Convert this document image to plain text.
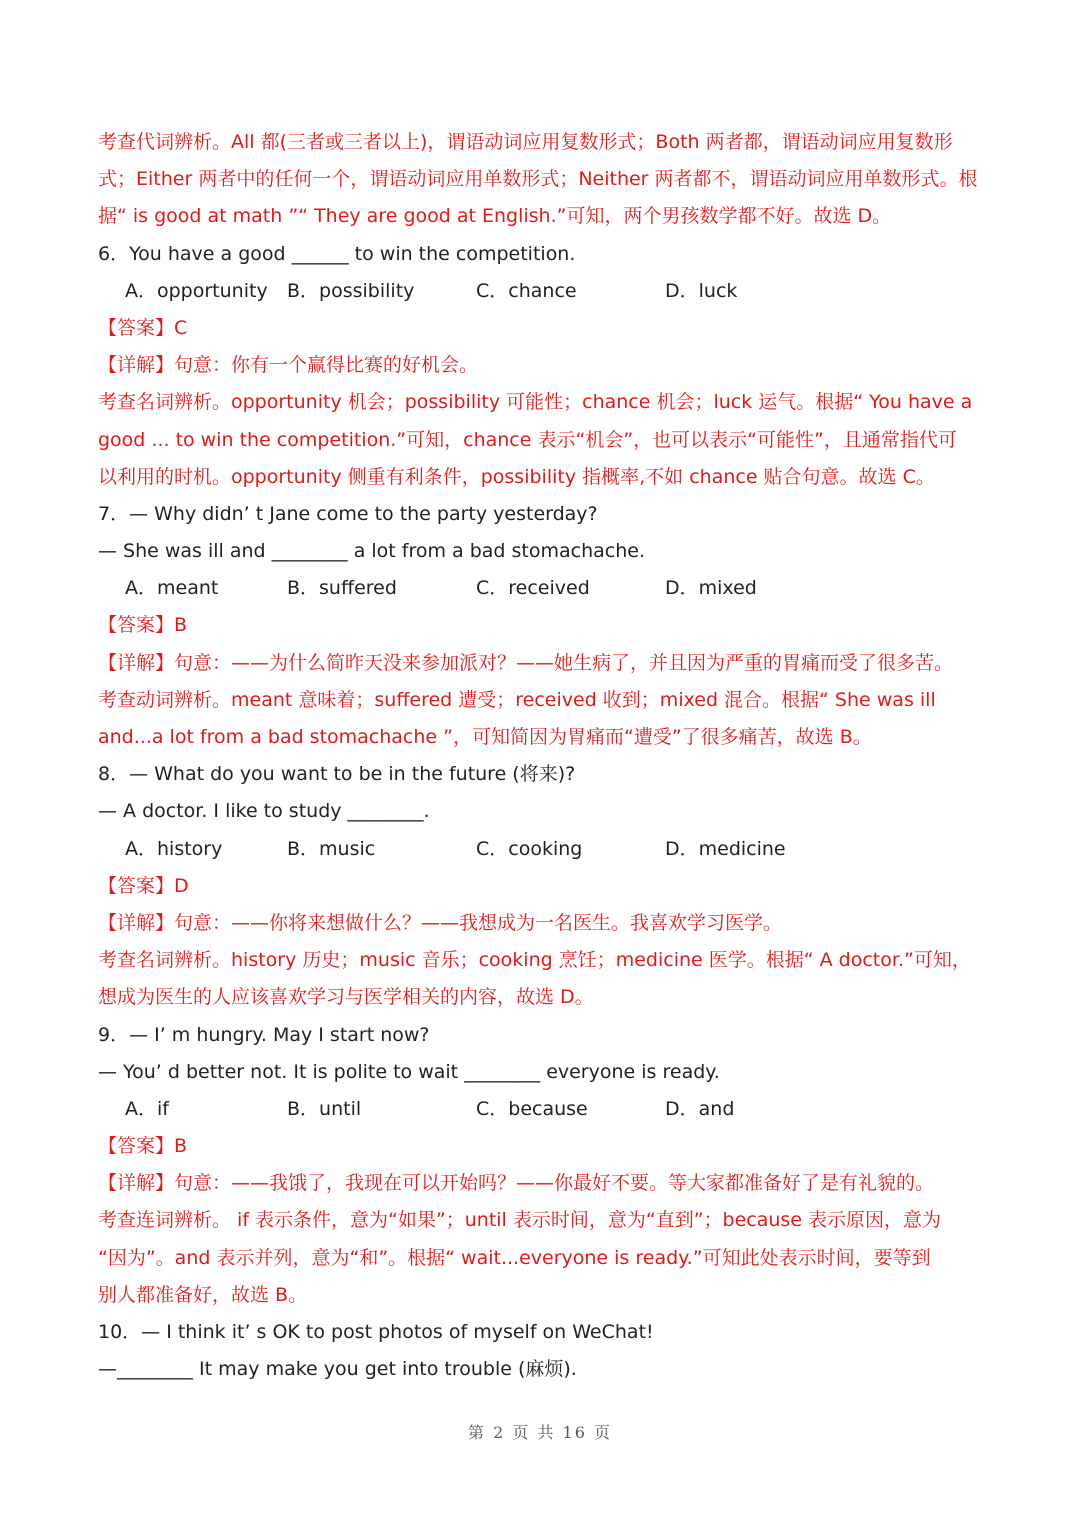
考查代词辨析。All 都(三者或三者以上)，谓语动词应用复数形式；Both 两者都，谓语动词应用复数形
式；Either 两者中的任何一个，谓语动词应用单数形式；Neither 两者都不，谓语动词应用单数形式。根
据“ is good at math ”“ They are good at English.”可知，两个男孩数学都不好。故选 D。
6．You have a good ______ to win the competition.
A．opportunity	B．possibility	C．chance	D．luck
【答案】C
【详解】句意：你有一个赢得比赛的好机会。
考查名词辨析。opportunity 机会；possibility 可能性；chance 机会；luck 运气。根据“ You have a
good ... to win the competition.”可知，chance 表示“机会”，也可以表示“可能性”，且通常指代可
以利用的时机。opportunity 侧重有利条件，possibility 指概率,不如 chance 贴合句意。故选 C。
7．— Why didn’ t Jane come to the party yesterday?
— She was ill and ________ a lot from a bad stomachache.
A．meant	B．suffered	C．received	D．mixed
【答案】B
【详解】句意：——为什么简昨天没来参加派对？——她生病了，并且因为严重的胃痛而受了很多苦。
考查动词辨析。meant 意味着；suffered 遭受；received 收到；mixed 混合。根据“ She was ill
and...a lot from a bad stomachache ”，可知简因为胃痛而“遭受”了很多痛苦，故选 B。
8．— What do you want to be in the future (将来)?
— A doctor. I like to study ________.
A．history	B．music	C．cooking	D．medicine
【答案】D
【详解】句意：——你将来想做什么？——我想成为一名医生。我喜欢学习医学。
考查名词辨析。history 历史；music 音乐；cooking 烹饪；medicine 医学。根据“ A doctor.”可知，
想成为医生的人应该喜欢学习与医学相关的内容，故选 D。
9．— I’ m hungry. May I start now?
— You’ d better not. It is polite to wait ________ everyone is ready.
A．if	B．until	C．because	D．and
【答案】B
【详解】句意：——我饿了，我现在可以开始吗？——你最好不要。等大家都准备好了是有礼貌的。
考查连词辨析。 if 表示条件，意为“如果”；until 表示时间，意为“直到”；because 表示原因，意为
“因为”。and 表示并列，意为“和”。根据“ wait...everyone is ready.”可知此处表示时间，要等到
别人都准备好，故选 B。
10．— I think it’ s OK to post photos of myself on WeChat!
—________ It may make you get into trouble (麻烦).
第 2 页 共 16 页
